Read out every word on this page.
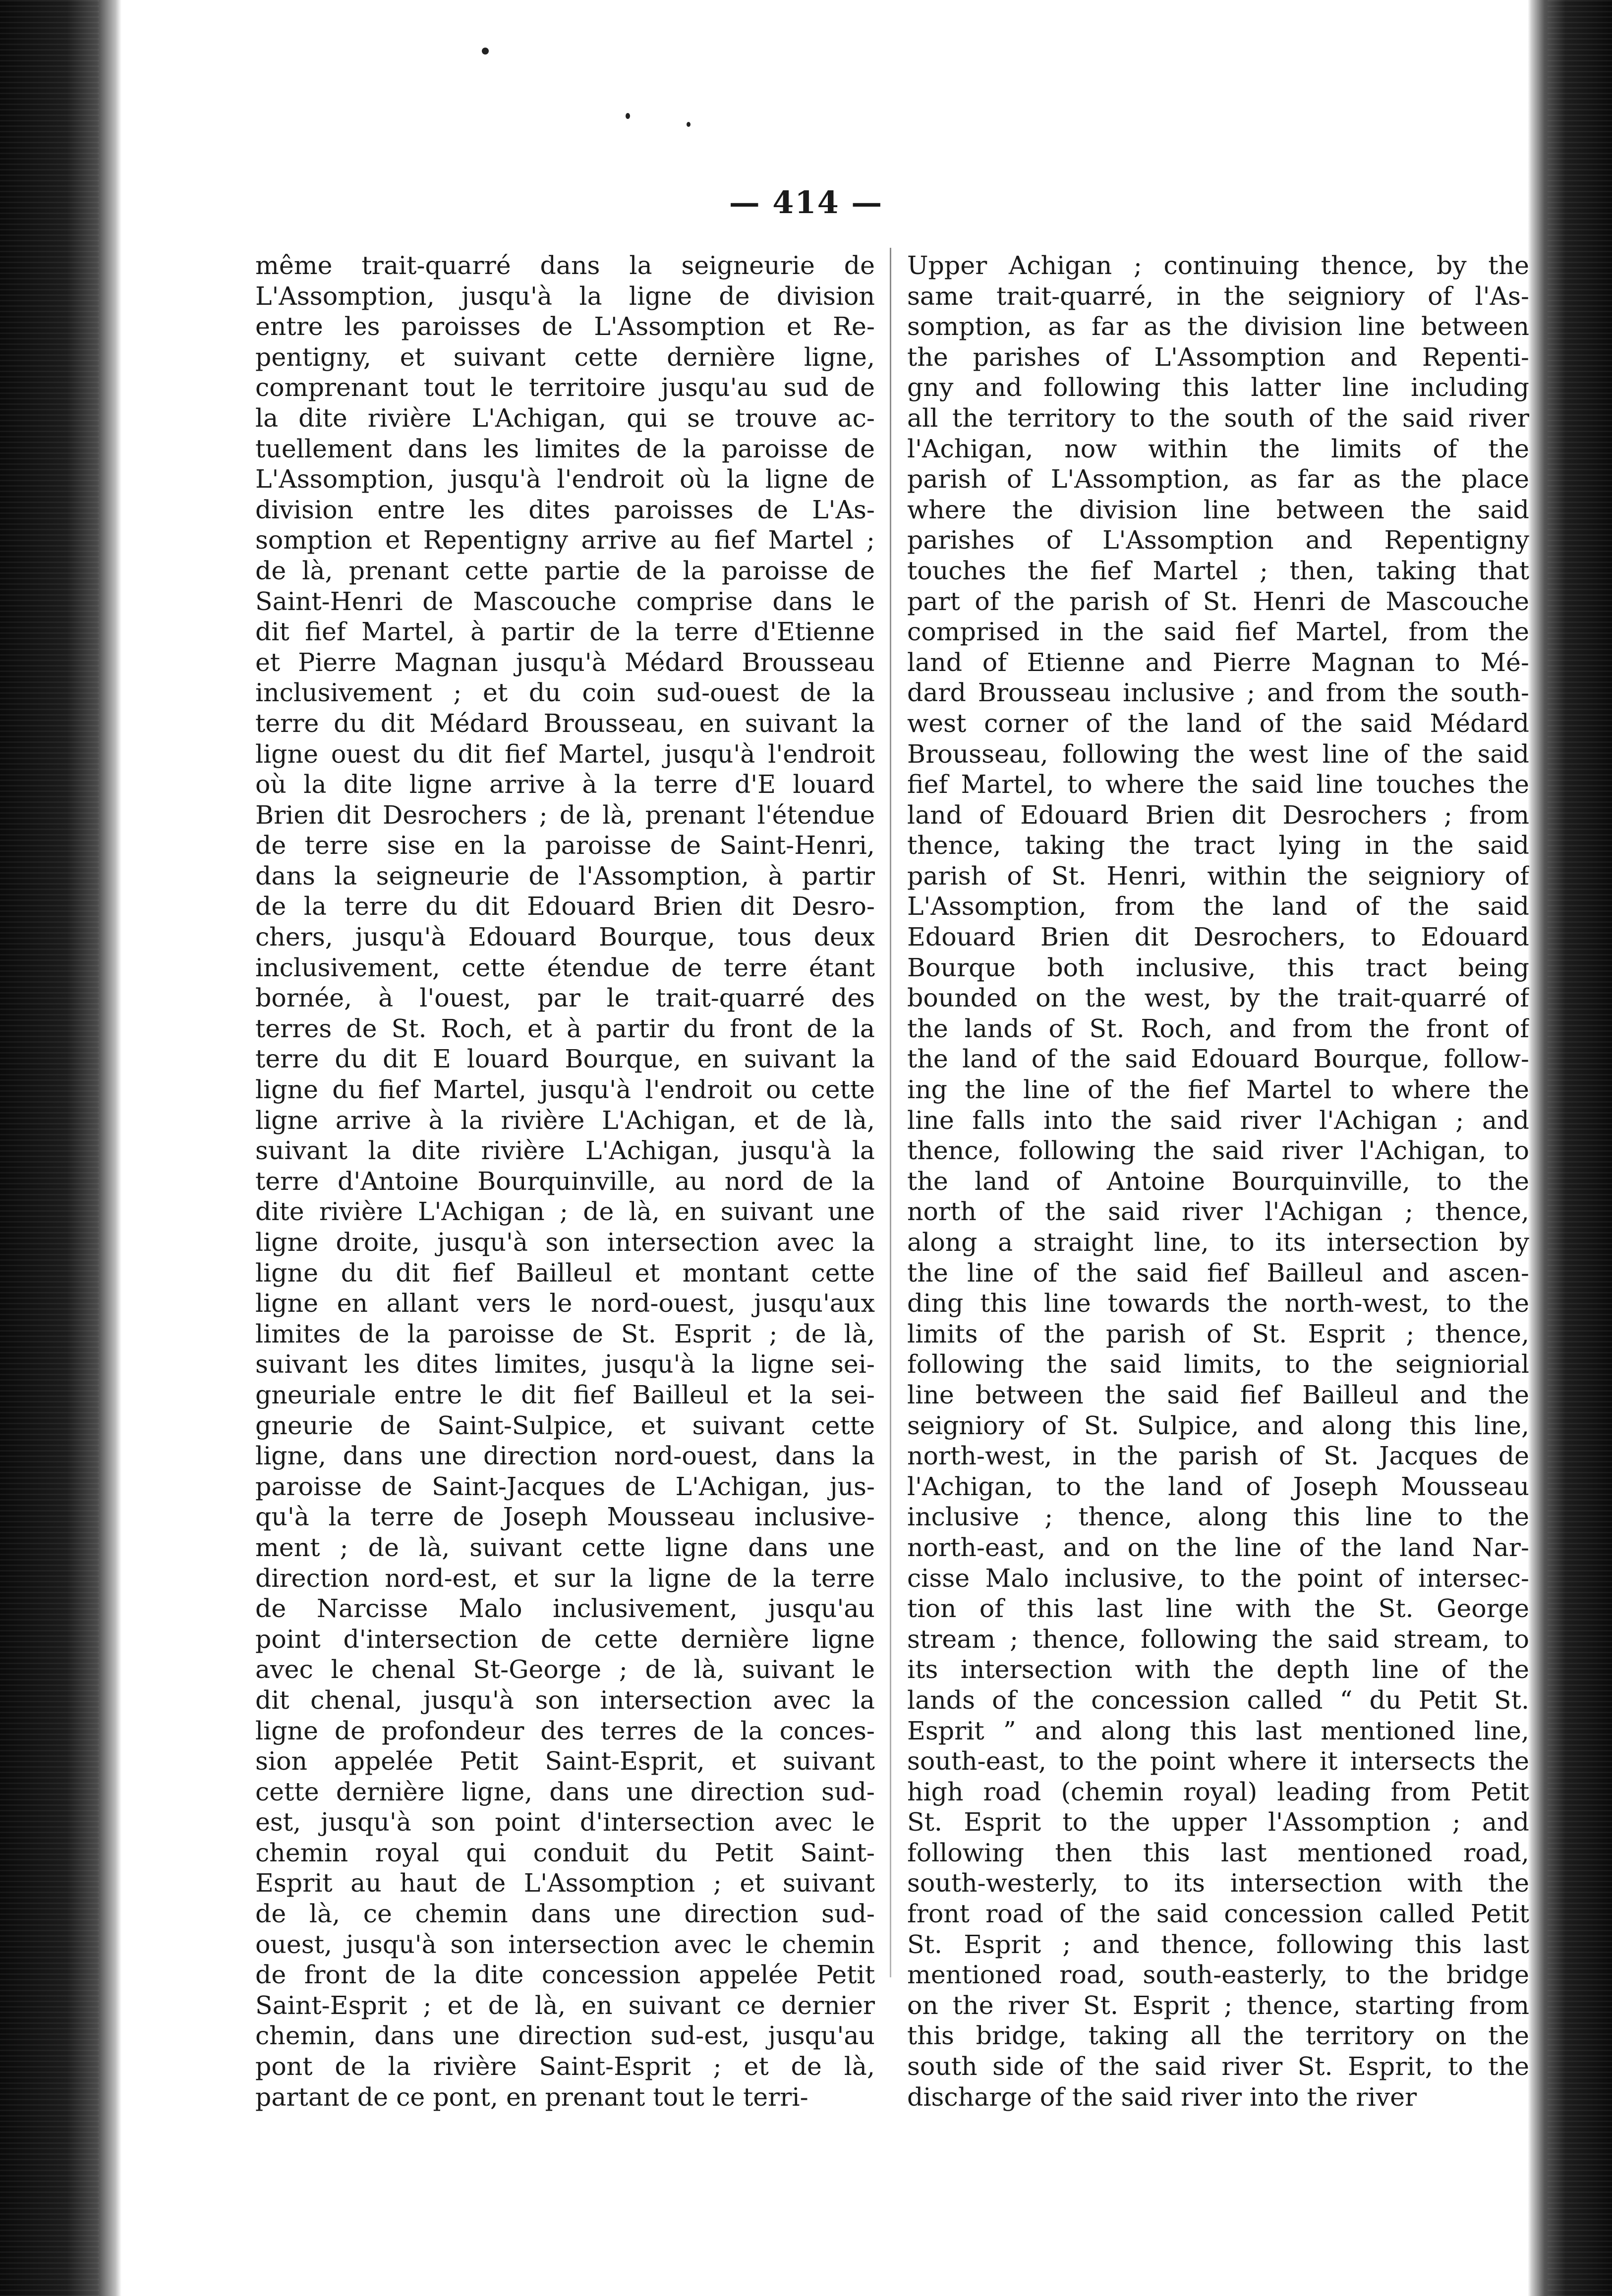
— 414 —
même trait-quarré dans la seigneurie de
L'Assomption, jusqu'à la ligne de division
entre les paroisses de L'Assomption et Re-
pentigny, et suivant cette dernière ligne,
comprenant tout le territoire jusqu'au sud de
la dite rivière L'Achigan, qui se trouve ac-
tuellement dans les limites de la paroisse de
L'Assomption, jusqu'à l'endroit où la ligne de
division entre les dites paroisses de L'As-
somption et Repentigny arrive au fief Martel ;
de là, prenant cette partie de la paroisse de
Saint-Henri de Mascouche comprise dans le
dit fief Martel, à partir de la terre d'Etienne
et Pierre Magnan jusqu'à Médard Brousseau
inclusivement ; et du coin sud-ouest de la
terre du dit Médard Brousseau, en suivant la
ligne ouest du dit fief Martel, jusqu'à l'endroit
où la dite ligne arrive à la terre d'E louard
Brien dit Desrochers ; de là, prenant l'étendue
de terre sise en la paroisse de Saint-Henri,
dans la seigneurie de l'Assomption, à partir
de la terre du dit Edouard Brien dit Desro-
chers, jusqu'à Edouard Bourque, tous deux
inclusivement, cette étendue de terre étant
bornée, à l'ouest, par le trait-quarré des
terres de St. Roch, et à partir du front de la
terre du dit E louard Bourque, en suivant la
ligne du fief Martel, jusqu'à l'endroit ou cette
ligne arrive à la rivière L'Achigan, et de là,
suivant la dite rivière L'Achigan, jusqu'à la
terre d'Antoine Bourquinville, au nord de la
dite rivière L'Achigan ; de là, en suivant une
ligne droite, jusqu'à son intersection avec la
ligne du dit fief Bailleul et montant cette
ligne en allant vers le nord-ouest, jusqu'aux
limites de la paroisse de St. Esprit ; de là,
suivant les dites limites, jusqu'à la ligne sei-
gneuriale entre le dit fief Bailleul et la sei-
gneurie de Saint-Sulpice, et suivant cette
ligne, dans une direction nord-ouest, dans la
paroisse de Saint-Jacques de L'Achigan, jus-
qu'à la terre de Joseph Mousseau inclusive-
ment ; de là, suivant cette ligne dans une
direction nord-est, et sur la ligne de la terre
de Narcisse Malo inclusivement, jusqu'au
point d'intersection de cette dernière ligne
avec le chenal St-George ; de là, suivant le
dit chenal, jusqu'à son intersection avec la
ligne de profondeur des terres de la conces-
sion appelée Petit Saint-Esprit, et suivant
cette dernière ligne, dans une direction sud-
est, jusqu'à son point d'intersection avec le
chemin royal qui conduit du Petit Saint-
Esprit au haut de L'Assomption ; et suivant
de là, ce chemin dans une direction sud-
ouest, jusqu'à son intersection avec le chemin
de front de la dite concession appelée Petit
Saint-Esprit ; et de là, en suivant ce dernier
chemin, dans une direction sud-est, jusqu'au
pont de la rivière Saint-Esprit ; et de là,
partant de ce pont, en prenant tout le terri-
Upper Achigan ; continuing thence, by the
same trait-quarré, in the seigniory of l'As-
somption, as far as the division line between
the parishes of L'Assomption and Repenti-
gny and following this latter line including
all the territory to the south of the said river
l'Achigan, now within the limits of the
parish of L'Assomption, as far as the place
where the division line between the said
parishes of L'Assomption and Repentigny
touches the fief Martel ; then, taking that
part of the parish of St. Henri de Mascouche
comprised in the said fief Martel, from the
land of Etienne and Pierre Magnan to Mé-
dard Brousseau inclusive ; and from the south-
west corner of the land of the said Médard
Brousseau, following the west line of the said
fief Martel, to where the said line touches the
land of Edouard Brien dit Desrochers ; from
thence, taking the tract lying in the said
parish of St. Henri, within the seigniory of
L'Assomption, from the land of the said
Edouard Brien dit Desrochers, to Edouard
Bourque both inclusive, this tract being
bounded on the west, by the trait-quarré of
the lands of St. Roch, and from the front of
the land of the said Edouard Bourque, follow-
ing the line of the fief Martel to where the
line falls into the said river l'Achigan ; and
thence, following the said river l'Achigan, to
the land of Antoine Bourquinville, to the
north of the said river l'Achigan ; thence,
along a straight line, to its intersection by
the line of the said fief Bailleul and ascen-
ding this line towards the north-west, to the
limits of the parish of St. Esprit ; thence,
following the said limits, to the seigniorial
line between the said fief Bailleul and the
seigniory of St. Sulpice, and along this line,
north-west, in the parish of St. Jacques de
l'Achigan, to the land of Joseph Mousseau
inclusive ; thence, along this line to the
north-east, and on the line of the land Nar-
cisse Malo inclusive, to the point of intersec-
tion of this last line with the St. George
stream ; thence, following the said stream, to
its intersection with the depth line of the
lands of the concession called “ du Petit St.
Esprit ” and along this last mentioned line,
south-east, to the point where it intersects the
high road (chemin royal) leading from Petit
St. Esprit to the upper l'Assomption ; and
following then this last mentioned road,
south-westerly, to its intersection with the
front road of the said concession called Petit
St. Esprit ; and thence, following this last
mentioned road, south-easterly, to the bridge
on the river St. Esprit ; thence, starting from
this bridge, taking all the territory on the
south side of the said river St. Esprit, to the
discharge of the said river into the river
